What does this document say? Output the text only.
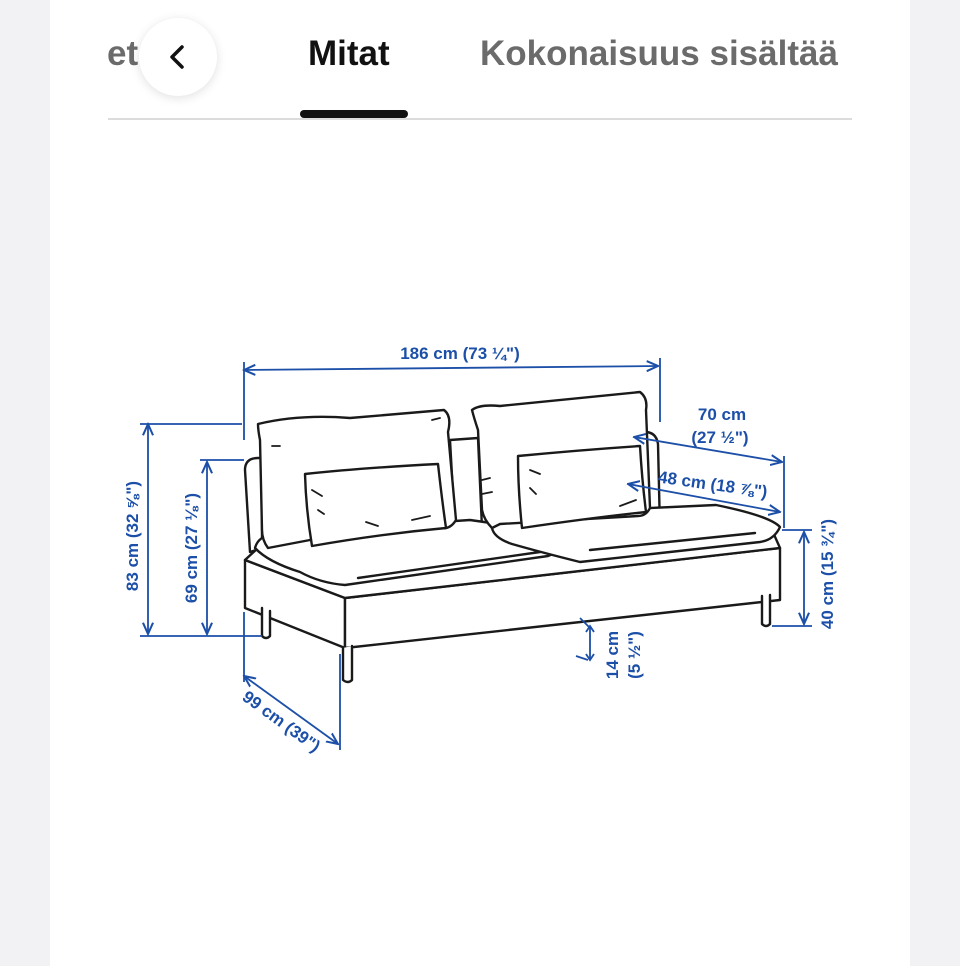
et	Mitat	Kokonaisuus sisältää
186 cm (73 ¼")
70 cm
(27 ½")
48 cm (18 ⅞")
83 cm (32 ⅝") 69 cm (27 ⅛")	40 cm (15 ¾")
14 cm (5 ½")
99 cm (39")
